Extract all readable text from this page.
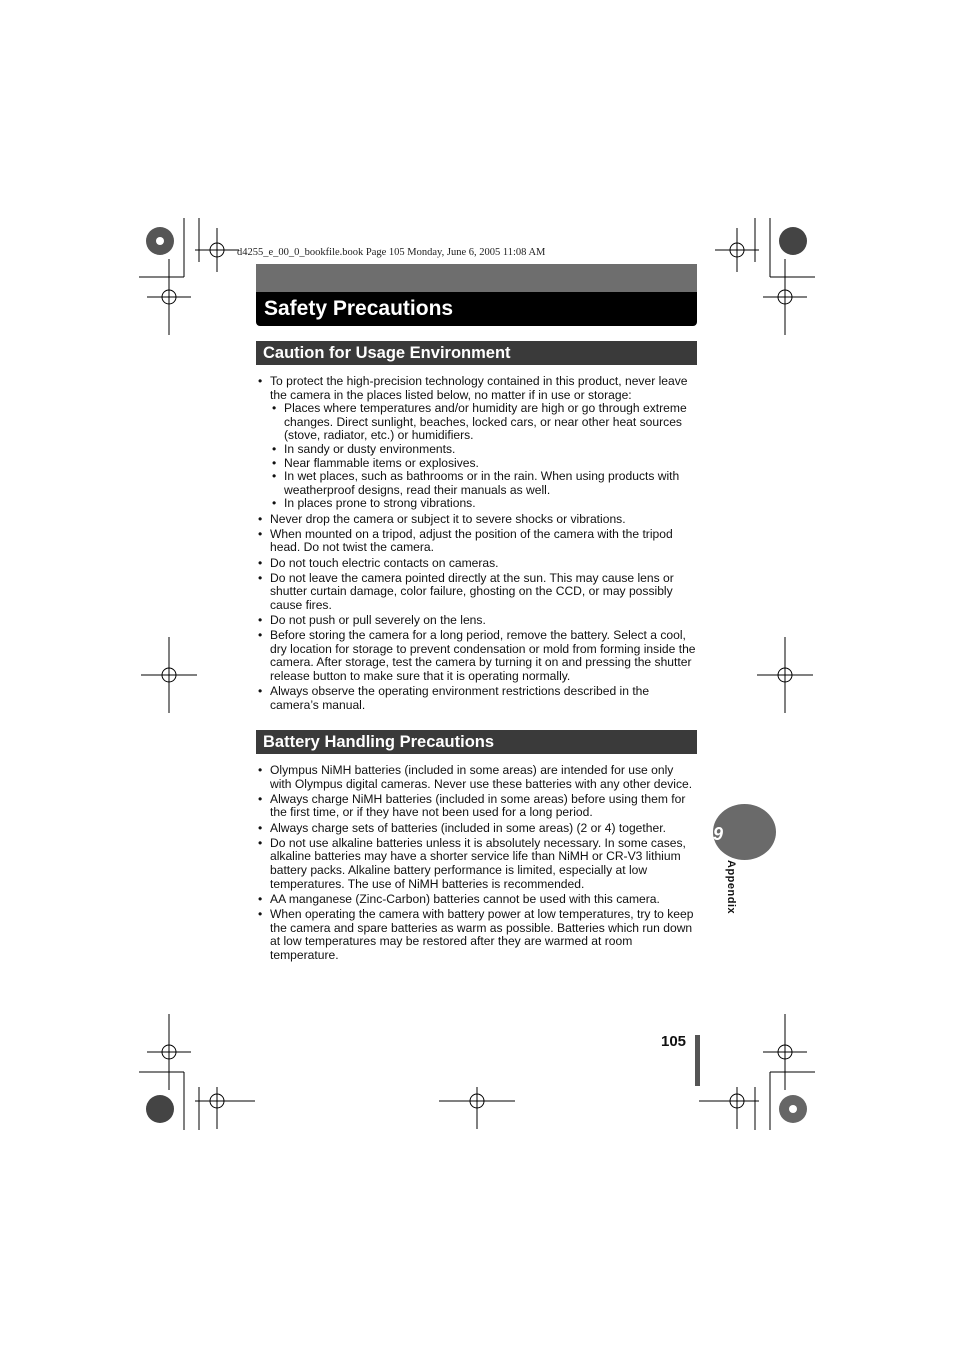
d4255_e_00_0_bookfile.book Page 105 Monday, June 6, 2005 11:08 AM
Safety Precautions
Caution for Usage Environment
• To protect the high-precision technology contained in this product, never leave the camera in the places listed below, no matter if in use or storage:
• Places where temperatures and/or humidity are high or go through extreme changes. Direct sunlight, beaches, locked cars, or near other heat sources (stove, radiator, etc.) or humidifiers.
• In sandy or dusty environments.
• Near flammable items or explosives.
• In wet places, such as bathrooms or in the rain. When using products with weatherproof designs, read their manuals as well.
• In places prone to strong vibrations.
• Never drop the camera or subject it to severe shocks or vibrations.
• When mounted on a tripod, adjust the position of the camera with the tripod head. Do not twist the camera.
• Do not touch electric contacts on cameras.
• Do not leave the camera pointed directly at the sun. This may cause lens or shutter curtain damage, color failure, ghosting on the CCD, or may possibly cause fires.
• Do not push or pull severely on the lens.
• Before storing the camera for a long period, remove the battery. Select a cool, dry location for storage to prevent condensation or mold from forming inside the camera. After storage, test the camera by turning it on and pressing the shutter release button to make sure that it is operating normally.
• Always observe the operating environment restrictions described in the camera’s manual.
Battery Handling Precautions
• Olympus NiMH batteries (included in some areas) are intended for use only with Olympus digital cameras. Never use these batteries with any other device.
• Always charge NiMH batteries (included in some areas) before using them for the first time, or if they have not been used for a long period.
• Always charge sets of batteries (included in some areas) (2 or 4) together.
• Do not use alkaline batteries unless it is absolutely necessary. In some cases, alkaline batteries may have a shorter service life than NiMH or CR-V3 lithium battery packs. Alkaline battery performance is limited, especially at low temperatures. The use of NiMH batteries is recommended.
• AA manganese (Zinc-Carbon) batteries cannot be used with this camera.
• When operating the camera with battery power at low temperatures, try to keep the camera and spare batteries as warm as possible. Batteries which run down at low temperatures may be restored after they are warmed at room temperature.
9
Appendix
105
